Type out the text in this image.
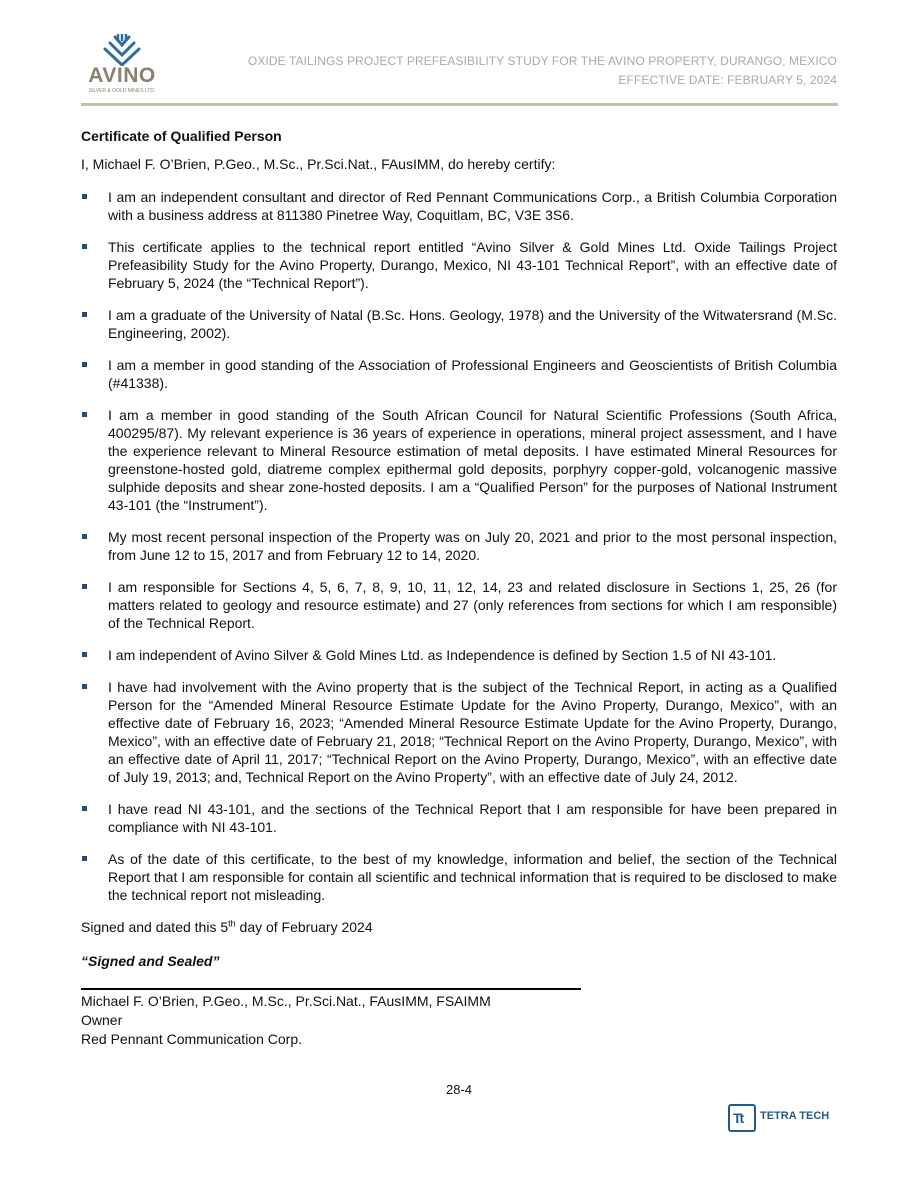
AVINO
SILVER & GOLD MINES LTD.
OXIDE TAILINGS PROJECT PREFEASIBILITY STUDY FOR THE AVINO PROPERTY, DURANGO, MEXICO
EFFECTIVE DATE: FEBRUARY 5, 2024
Certificate of Qualified Person
I, Michael F. O’Brien, P.Geo., M.Sc., Pr.Sci.Nat., FAusIMM, do hereby certify:
I am an independent consultant and director of Red Pennant Communications Corp., a British Columbia Corporation with a business address at 811380 Pinetree Way, Coquitlam, BC, V3E 3S6.
This certificate applies to the technical report entitled “Avino Silver & Gold Mines Ltd. Oxide Tailings Project Prefeasibility Study for the Avino Property, Durango, Mexico, NI 43-101 Technical Report”, with an effective date of February 5, 2024 (the “Technical Report”).
I am a graduate of the University of Natal (B.Sc. Hons. Geology, 1978) and the University of the Witwatersrand (M.Sc. Engineering, 2002).
I am a member in good standing of the Association of Professional Engineers and Geoscientists of British Columbia (#41338).
I am a member in good standing of the South African Council for Natural Scientific Professions (South Africa, 400295/87). My relevant experience is 36 years of experience in operations, mineral project assessment, and I have the experience relevant to Mineral Resource estimation of metal deposits. I have estimated Mineral Resources for greenstone-hosted gold, diatreme complex epithermal gold deposits, porphyry copper-gold, volcanogenic massive sulphide deposits and shear zone-hosted deposits. I am a “Qualified Person” for the purposes of National Instrument 43-101 (the “Instrument”).
My most recent personal inspection of the Property was on July 20, 2021 and prior to the most personal inspection, from June 12 to 15, 2017 and from February 12 to 14, 2020.
I am responsible for Sections 4, 5, 6, 7, 8, 9, 10, 11, 12, 14, 23 and related disclosure in Sections 1, 25, 26 (for matters related to geology and resource estimate) and 27 (only references from sections for which I am responsible) of the Technical Report.
I am independent of Avino Silver & Gold Mines Ltd. as Independence is defined by Section 1.5 of NI 43-101.
I have had involvement with the Avino property that is the subject of the Technical Report, in acting as a Qualified Person for the “Amended Mineral Resource Estimate Update for the Avino Property, Durango, Mexico”, with an effective date of February 16, 2023; “Amended Mineral Resource Estimate Update for the Avino Property, Durango, Mexico”, with an effective date of February 21, 2018; “Technical Report on the Avino Property, Durango, Mexico”, with an effective date of April 11, 2017; “Technical Report on the Avino Property, Durango, Mexico”, with an effective date of July 19, 2013; and, Technical Report on the Avino Property”, with an effective date of July 24, 2012.
I have read NI 43-101, and the sections of the Technical Report that I am responsible for have been prepared in compliance with NI 43-101.
As of the date of this certificate, to the best of my knowledge, information and belief, the section of the Technical Report that I am responsible for contain all scientific and technical information that is required to be disclosed to make the technical report not misleading.
Signed and dated this 5th day of February 2024
“Signed and Sealed”
Michael F. O’Brien, P.Geo., M.Sc., Pr.Sci.Nat., FAusIMM, FSAIMM
Owner
Red Pennant Communication Corp.
28-4
Tt TETRA TECH
